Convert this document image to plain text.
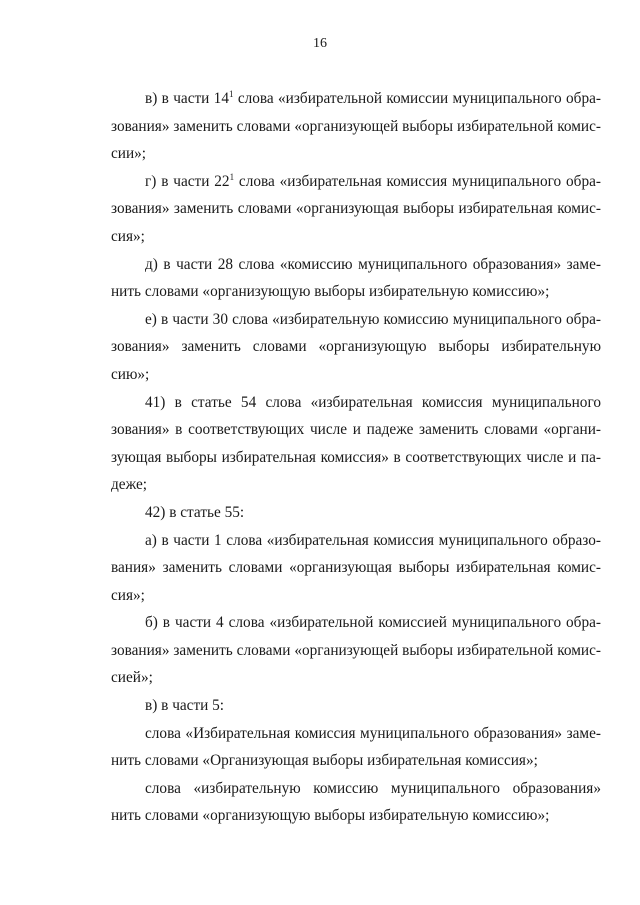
16
в) в части $14^1$ слова «избирательной комиссии муниципального обра-
зования» заменить словами «организующей выборы избирательной комис-
сии»;
г) в части $22^1$ слова «избирательная комиссия муниципального обра-
зования» заменить словами «организующая выборы избирательная комис-
сия»;
д) в части 28 слова «комиссию муниципального образования» заме-
нить словами «организующую выборы избирательную комиссию»;
е) в части 30 слова «избирательную комиссию муниципального обра-
зования» заменить словами «организующую выборы избирательную
сию»;
41) в статье 54 слова «избирательная комиссия муниципального
зования» в соответствующих числе и падеже заменить словами «органи-
зующая выборы избирательная комиссия» в соответствующих числе и па-
деже;
42) в статье 55:
а) в части 1 слова «избирательная комиссия муниципального образо-
вания» заменить словами «организующая выборы избирательная комис-
сия»;
б) в части 4 слова «избирательной комиссией муниципального обра-
зования» заменить словами «организующей выборы избирательной комис-
сией»;
в) в части 5:
слова «Избирательная комиссия муниципального образования» заме-
нить словами «Организующая выборы избирательная комиссия»;
слова «избирательную комиссию муниципального образования»
нить словами «организующую выборы избирательную комиссию»;
